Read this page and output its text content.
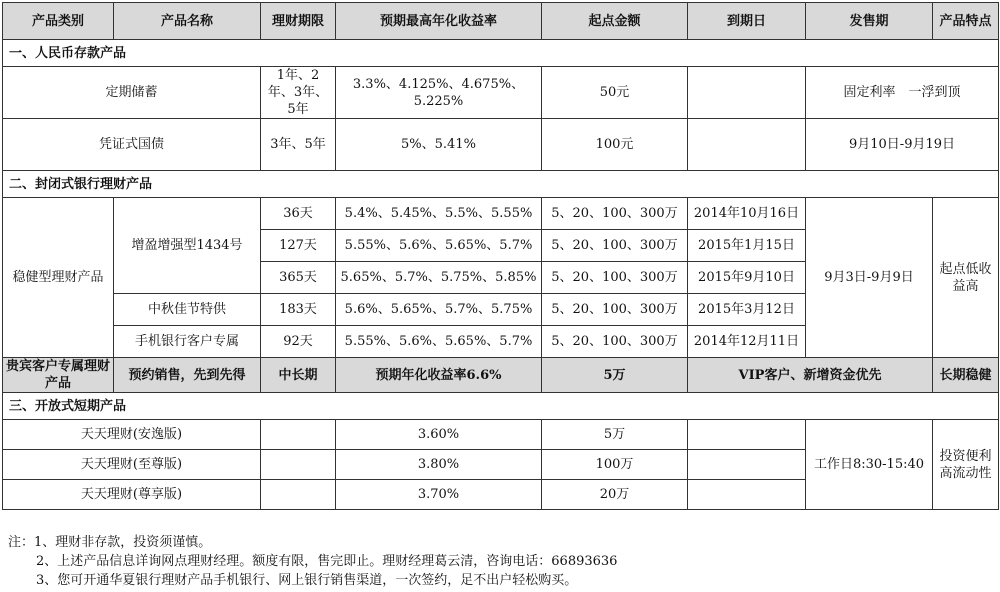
产品类别	产品名称	理财期限	预期最高年化收益率	起点金额	到期日	发售期	产品特点
一、人民币存款产品							
定期储蓄		1年、2年、3年、5年	3.3%、4.125%、4.675%、5.225%	50元		固定利率　一浮到顶	
凭证式国债		3年、5年	5%、5.41%	100元		9月10日-9月19日	
二、封闭式银行理财产品							
稳健型理财产品	增盈增强型1434号	36天	5.4%、5.45%、5.5%、5.55%	5、20、100、300万	2014年10月16日	9月3日-9月9日	起点低收益高
		127天	5.55%、5.6%、5.65%、5.7%	5、20、100、300万	2015年1月15日		
		365天	5.65%、5.7%、5.75%、5.85%	5、20、100、300万	2015年9月10日		
	中秋佳节特供	183天	5.6%、5.65%、5.7%、5.75%	5、20、100、300万	2015年3月12日		
	手机银行客户专属	92天	5.55%、5.6%、5.65%、5.7%	5、20、100、300万	2014年12月11日		
贵宾客户专属理财产品	预约销售，先到先得	中长期	预期年化收益率6.6%	5万	VIP客户、新增资金优先		长期稳健
三、开放式短期产品							
天天理财(安逸版)			3.60%	5万		工作日8:30-15:40	投资便利高流动性
天天理财(至尊版)			3.80%	100万			
天天理财(尊享版)			3.70%	20万			
注：1、理财非存款，投资须谨慎。
2、上述产品信息详询网点理财经理。额度有限，售完即止。理财经理葛云清，咨询电话：66893636
3、您可开通华夏银行理财产品手机银行、网上银行销售渠道，一次签约，足不出户轻松购买。
